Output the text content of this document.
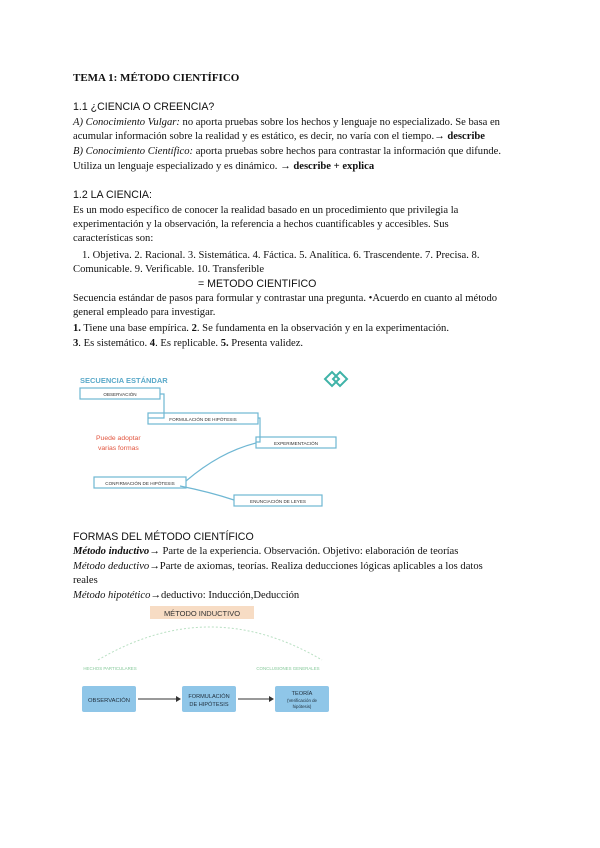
TEMA 1: MÉTODO CIENTÍFICO
1.1 ¿CIENCIA O CREENCIA?
A) Conocimiento Vulgar: no aporta pruebas sobre los hechos y lenguaje no especializado. Se basa en
acumular información sobre la realidad y es estático, es decir, no varía con el tiempo.→ describe
B) Conocimiento Científico: aporta pruebas sobre hechos para contrastar la información que difunde.
Utiliza un lenguaje especializado y es dinámico. → describe + explica
1.2 LA CIENCIA:
Es un modo específico de conocer la realidad basado en un procedimiento que privilegia la
experimentación y la observación, la referencia a hechos cuantificables y accesibles. Sus
características son:
1. Objetiva. 2. Racional. 3. Sistemática. 4. Fáctica. 5. Analítica. 6. Trascendente. 7. Precisa. 8.
Comunicable. 9. Verificable. 10. Transferible
= METODO CIENTIFICO
Secuencia estándar de pasos para formular y contrastar una pregunta. •Acuerdo en cuanto al método
general empleado para investigar.
1. Tiene una base empírica. 2. Se fundamenta en la observación y en la experimentación.
3. Es sistemático. 4. Es replicable. 5. Presenta validez.
SECUENCIA ESTÁNDAR
OBSERVACIÓN
FORMULACIÓN DE HIPÓTESIS
EXPERIMENTACIÓN
CONFIRMACIÓN DE HIPÓTESIS
ENUNCIACIÓN DE LEYES
Puede adoptar
varias formas
FORMAS DEL MÉTODO CIENTÍFICO
Método inductivo→ Parte de la experiencia. Observación. Objetivo: elaboración de teorías
Método deductivo→Parte de axiomas, teorías. Realiza deducciones lógicas aplicables a los datos
reales
Método hipotético→deductivo: Inducción,Deducción
MÉTODO INDUCTIVO
HECHOS PARTICULARES	CONCLUSIONES GENERALES
OBSERVACIÓN
FORMULACIÓN
DE HIPÓTESIS
TEORÍA
(Verificación de
hipótesis)
